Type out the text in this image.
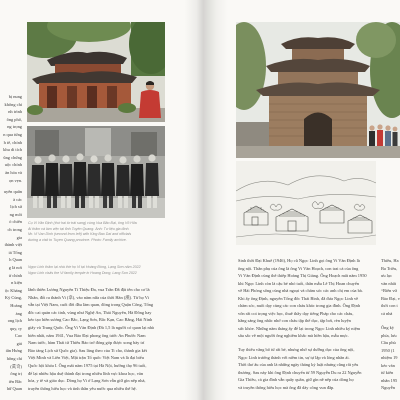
bị nung
không chỉ
nh trình
ông phố,
ng trọng
n qua từng
h tế, chính
khu di tích
ũng chứng
uộc chính
ăn hóa và
ọn vẹn.
uyên quân
à các
lịch sử
ng mối
ò chiến
ch trong
gia
thành việt
iá Tổng
h Quan
g là nơi
ử chính
n kiện
ộc Kháng
Kỳ Cùng,
Hoàng
ảng
ong lịch
quy, ry
Cao
gải
iân Hưng
hồng chỉ
(眞奇)
ông trị
iên Bắc
hữ Quan
Cụ Vi Văn Định (thứ hai từ trái sang) cùng Vua Bảo Đại, ông Võ Hữu
Ái thăm và làm việc tại tỉnh Tuyên Quang. Ảnh: Tư liệu gia đình.
Mr. Vi Van Dinh (second from left) with King Bao Dai and officials
during a visit to Tuyen Quang province. Photo: Family archive.
Ngọc Linh thăm lại nhà thờ họ Vi tại Hoàng Đồng, Lạng Sơn năm 2022
Ngoc Linh visits the Vi family temple in Hoang Dong, Lang Son 2022
lãnh thiên Lương Nguyên Tí Thiệu Đa, vua Trần Đã đặt tên cho cơ là
Nhân, đổi ra thành Vi (韋), vào năm nữa của thời Hán (漢). Từ họ Vi
vẫn tại Việt Nam, cuối đời đầu làm quan, đóng trong Quận Công, Tổng
đốc cai quản các tỉnh, vùng như Nghệ An, Thái Nguyên, Hà Đông hay
kéo tạo hiền sương Cao Bắc, Lạng Sơn, Bắc Kạn, Cao Bằng, Hải Ninh
giấy và Trung Quốc. Ông Vi Văn Định (Đà 1,5 là người có quan lại nhà
biến nhất, năm 1941, Vua Bảo Đại phong ông tước An Phước Nam
Nam tước, hàm Thái tử Thiếu Bảo trở đóng góp được xong bày trí
Bảo tàng Lịch sử Quốc gia). Sau lăng theo của Ti cho, thành gia kết
Việt Minh và Liên Việt, Mặt trận Tổ quốc Việt Nam và là đại biểu
Quốc hội khóa I. Ông mất năm 1975 tại Hà Nội, hưởng thọ 96 tuổi,
để lại nhiều hậu duệ thành đạt trong nhiều lĩnh vực khoa học, văn
hóa, y tế và giáo dục. Dòng họ Vi ở Lạng Sơn vẫn giữ gìn nếp nhà,
truyền thống hiếu học và tinh thần yêu nước qua nhiều thế hệ.
Sinh thời Đại Khuê (1946), Họ cũ Ngọc Linh gọi ông Vi Văn Định là
ông nội. Thân phụ của ông là ông Vi Văn Hoạch, con trai cả của ông
Vi Văn Định cùng thê thiếp Hoàng Thị Giảng. Ông Hoạch mất năm 1950
khi Ngọc Linh còn là cậu bé nhỏ tuổi, thân mẫu Lê Thị Hoan chuyển
về Hải Phòng sống cùng nhà ngoại và chăm sóc các anh chị em của bà.
Khi ấy ông Định, nguyên Tổng đốc Thái Bình, đã đưa Ngọc Linh về
chăm sóc, nuôi dạy cùng các con cháu khác trong gia đình. Ông Định
vốn rất coi trọng việc học, thuê thầy dạy tiếng Pháp cho các cháu,
hằng sáng ông nhắc nhở con cháu tập thể dục, tập bơi, rèn luyện
sức khỏe. Những năm tháng ấy để lại trong Ngọc Linh nhiều kỷ niệm
sâu sắc về một người ông nghiêm khắc mà hiền hậu, mẫu mực.
Tuy thiếu vắng bố từ rất bé, nhưng nhờ sự dưỡng dục của ông nội,
Ngọc Linh trưởng thành với niềm tin, sự tự lập và lòng nhân ái.
Thời thơ ấu của anh là những ngày tháng kỷ luật nhưng cũng rất yêu
thương. Sau này khi ông Định chuyển từ 59 Nguyễn Du ra 22 Nguyễn
Gia Thiều, cả gia đình vẫn quây quần, giữ gìn nề nếp của dòng họ
và truyền thống hiếu học mà ông đã dày công vun đắp.
Thiều, Ha
Ba Triều,
ưu lục
văn nhất
“Biến vừ
Bảo Đại, v
thời con t
cả nhà
Ông kỳ
phía, lưu
Cầu phù
1950 (1
nhiệm 19
kéo văn
từ kiến
nhân 195
Nguyễn
